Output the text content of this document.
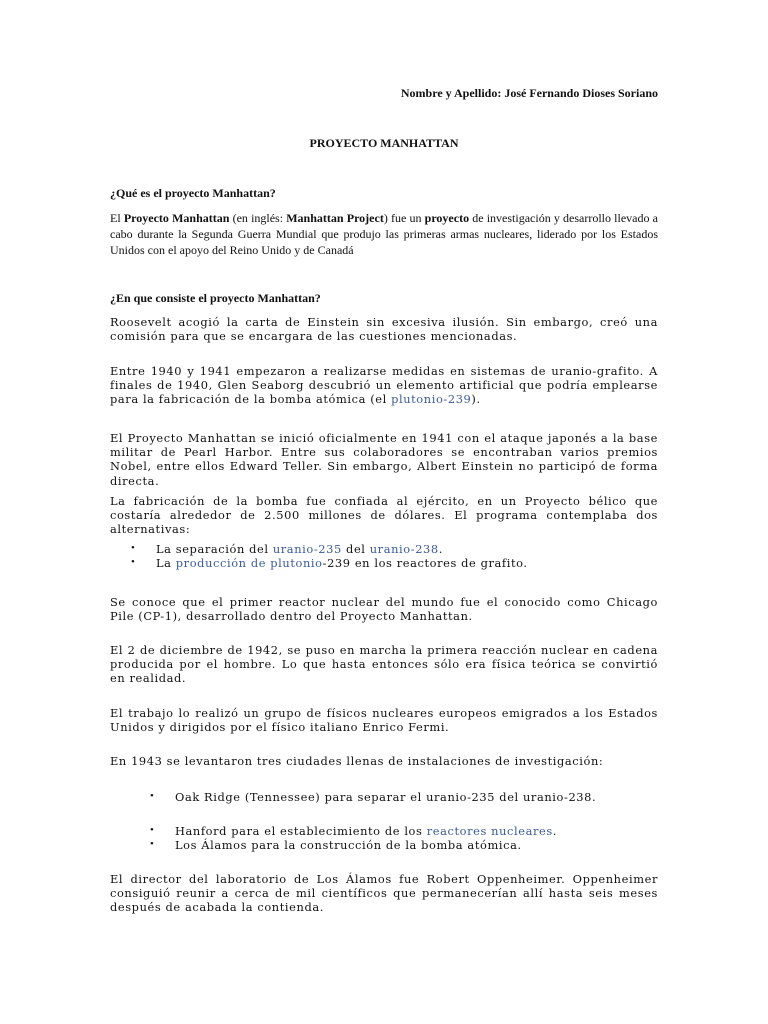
Nombre y Apellido: José Fernando Dioses Soriano

PROYECTO MANHATTAN

¿Qué es el proyecto Manhattan?

El Proyecto Manhattan (en inglés: Manhattan Project) fue un proyecto de investigación y desarrollo llevado a cabo durante la Segunda Guerra Mundial que produjo las primeras armas nucleares, liderado por los Estados Unidos con el apoyo del Reino Unido y de Canadá

¿En que consiste el proyecto Manhattan?

Roosevelt acogió la carta de Einstein sin excesiva ilusión. Sin embargo, creó una comisión para que se encargara de las cuestiones mencionadas.

Entre 1940 y 1941 empezaron a realizarse medidas en sistemas de uranio-grafito. A finales de 1940, Glen Seaborg descubrió un elemento artificial que podría emplearse para la fabricación de la bomba atómica (el plutonio-239).

El Proyecto Manhattan se inició oficialmente en 1941 con el ataque japonés a la base militar de Pearl Harbor. Entre sus colaboradores se encontraban varios premios Nobel, entre ellos Edward Teller. Sin embargo, Albert Einstein no participó de forma directa.

La fabricación de la bomba fue confiada al ejército, en un Proyecto bélico que costaría alrededor de 2.500 millones de dólares. El programa contemplaba dos alternativas:

• La separación del uranio-235 del uranio-238.

• La producción de plutonio-239 en los reactores de grafito.

Se conoce que el primer reactor nuclear del mundo fue el conocido como Chicago Pile (CP-1), desarrollado dentro del Proyecto Manhattan.

El 2 de diciembre de 1942, se puso en marcha la primera reacción nuclear en cadena producida por el hombre. Lo que hasta entonces sólo era física teórica se convirtió en realidad.

El trabajo lo realizó un grupo de físicos nucleares europeos emigrados a los Estados Unidos y dirigidos por el físico italiano Enrico Fermi.

En 1943 se levantaron tres ciudades llenas de instalaciones de investigación:

• Oak Ridge (Tennessee) para separar el uranio-235 del uranio-238.

• Hanford para el establecimiento de los reactores nucleares.

• Los Álamos para la construcción de la bomba atómica.

El director del laboratorio de Los Álamos fue Robert Oppenheimer. Oppenheimer consiguió reunir a cerca de mil científicos que permanecerían allí hasta seis meses después de acabada la contienda.
